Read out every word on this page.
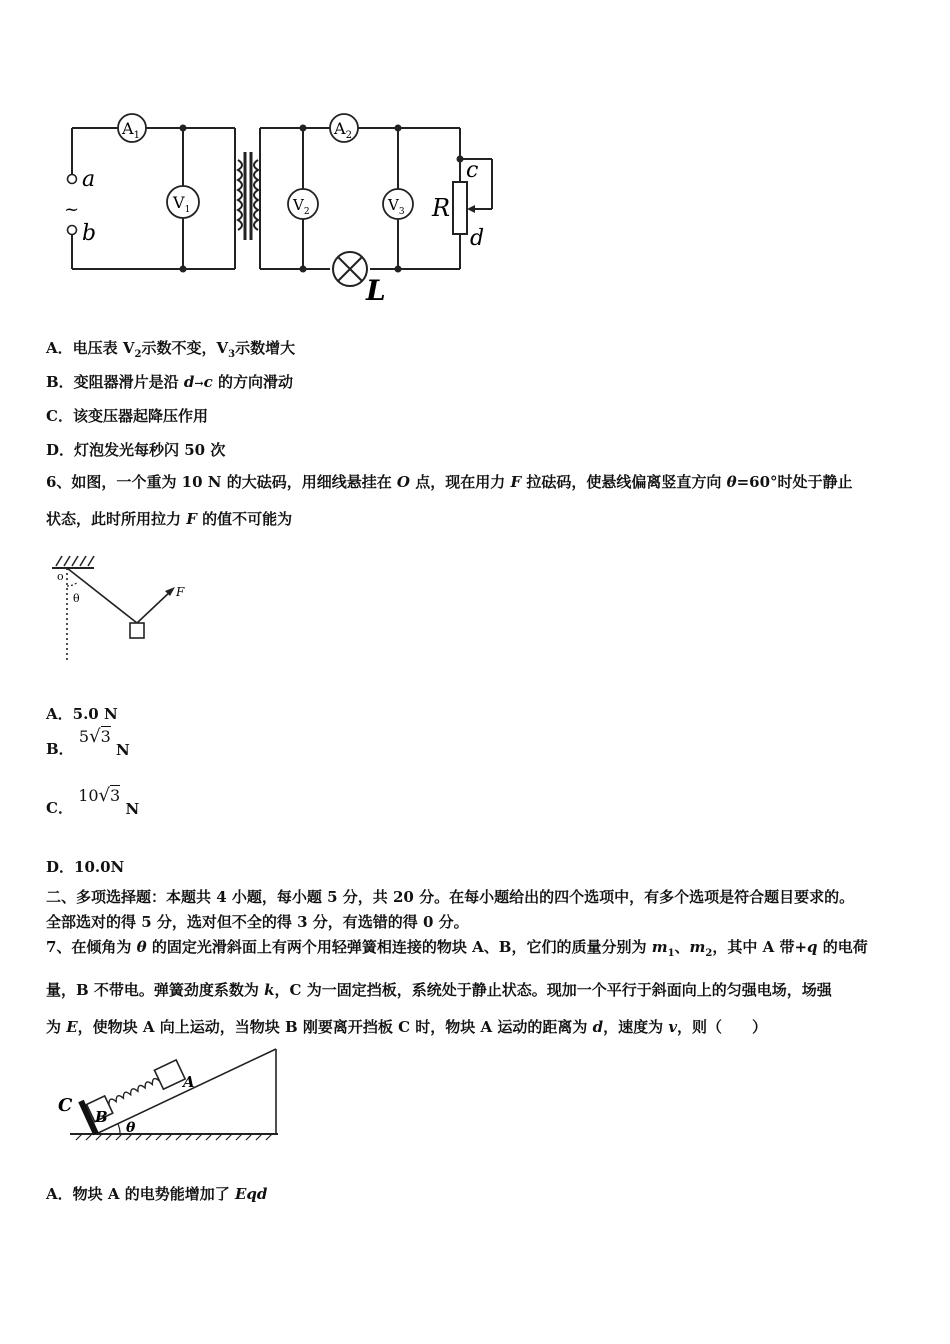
$A_1$	$A_2$
$V_1$	$V_2$	$V_3$
a
~
b
c
d
R
L
A．电压表 $V_2$示数不变，$V_3$示数增大
B．变阻器滑片是沿 d→c 的方向滑动
C．该变压器起降压作用
D．灯泡发光每秒闪 50 次
6、如图，一个重为 10 N 的大砝码，用细线悬挂在 O 点，现在用力 F 拉砝码，使悬线偏离竖直方向 θ=60°时处于静止
状态，此时所用拉力 F 的值不可能为
o
θ	F
A．5.0 N
B． 5√3 N
C． 10√3 N
D．10.0N
二、多项选择题：本题共 4 小题，每小题 5 分，共 20 分。在每小题给出的四个选项中，有多个选项是符合题目要求的。
全部选对的得 5 分，选对但不全的得 3 分，有选错的得 0 分。
7、在倾角为 θ 的固定光滑斜面上有两个用轻弹簧相连接的物块 A、B，它们的质量分别为 $m_1$、$m_2$，其中 A 带+q 的电荷
量，B 不带电。弹簧劲度系数为 k，C 为一固定挡板，系统处于静止状态。现加一个平行于斜面向上的匀强电场，场强
为 E，使物块 A 向上运动，当物块 B 刚要离开挡板 C 时，物块 A 运动的距离为 d，速度为 v，则（　　）
C
B
A
θ
A．物块 A 的电势能增加了 Eqd
